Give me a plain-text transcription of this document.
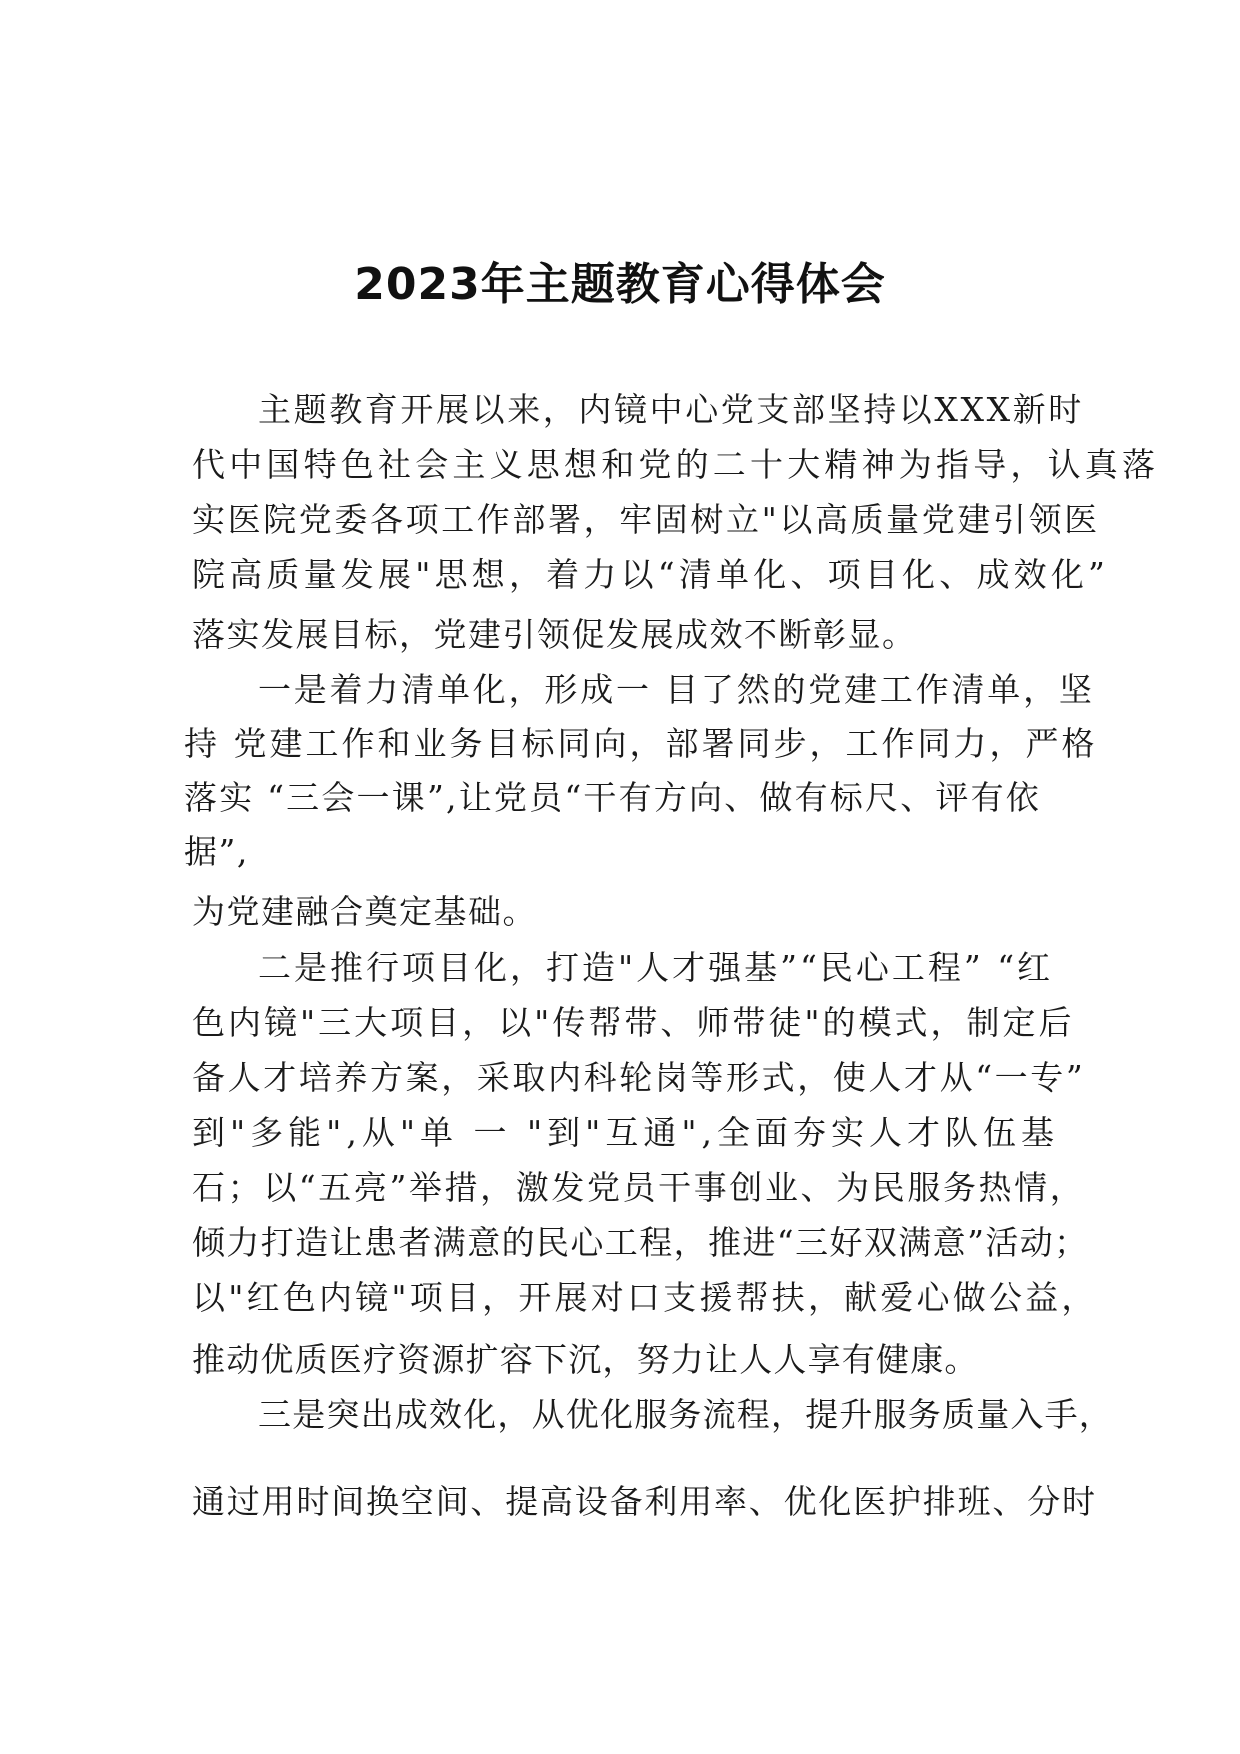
2023年主题教育心得体会
主题教育开展以来，内镜中心党支部坚持以XXX新时
代中国特色社会主义思想和党的二十大精神为指导，认真落
实医院党委各项工作部署，牢固树立"以高质量党建引领医
院高质量发展"思想，着力以“清单化、项目化、成效化”
落实发展目标，党建引领促发展成效不断彰显。
一是着力清单化，形成一 目了然的党建工作清单，坚
持 党建工作和业务目标同向，部署同步，工作同力，严格
落实 “三会一课”,让党员“干有方向、做有标尺、评有依
据”,
为党建融合奠定基础。
二是推行项目化，打造"人才强基”“民心工程” “红
色内镜"三大项目，以"传帮带、师带徒"的模式，制定后
备人才培养方案，采取内科轮岗等形式，使人才从“一专”
到"多能",从"单 一 "到"互通",全面夯实人才队伍基
石；以“五亮”举措，激发党员干事创业、为民服务热情，
倾力打造让患者满意的民心工程，推进“三好双满意”活动；
以"红色内镜"项目，开展对口支援帮扶，献爱心做公益，
推动优质医疗资源扩容下沉，努力让人人享有健康。
三是突出成效化，从优化服务流程，提升服务质量入手，
通过用时间换空间、提高设备利用率、优化医护排班、分时
